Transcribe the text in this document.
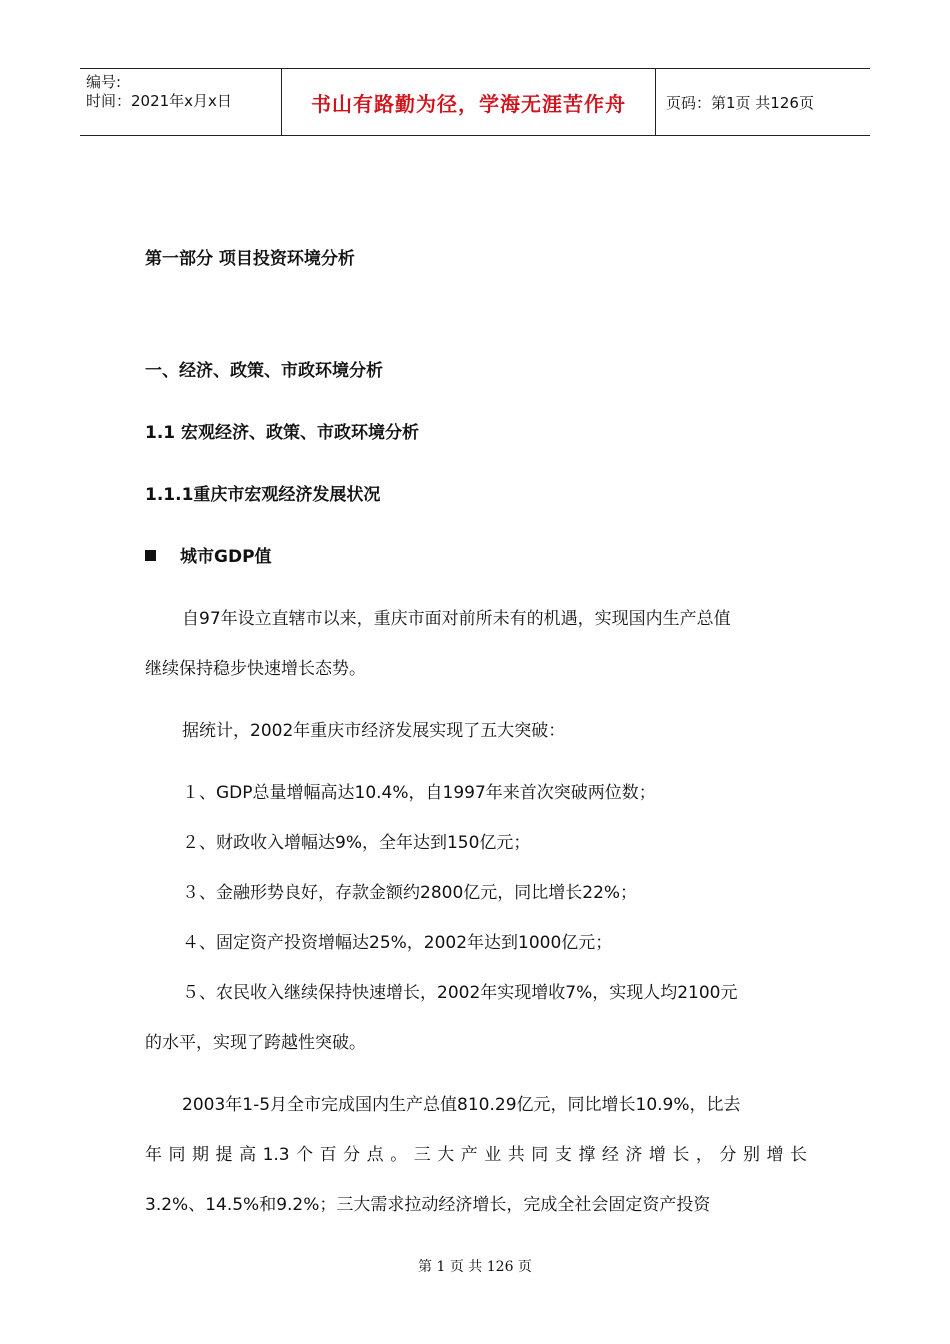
编号:
时间：2021年x月x日	书山有路勤为径，学海无涯苦作舟	页码：第1页 共126页
第一部分 项目投资环境分析
一、经济、政策、市政环境分析
1.1 宏观经济、政策、市政环境分析
1.1.1重庆市宏观经济发展状况
城市GDP值
自97年设立直辖市以来，重庆市面对前所未有的机遇，实现国内生产总值
继续保持稳步快速增长态势。
据统计，2002年重庆市经济发展实现了五大突破：
１、GDP总量增幅高达10.4%，自1997年来首次突破两位数；
２、财政收入增幅达9%，全年达到150亿元；
３、金融形势良好，存款金额约2800亿元，同比增长22%；
４、固定资产投资增幅达25%，2002年达到1000亿元；
５、农民收入继续保持快速增长，2002年实现增收7%，实现人均2100元
的水平，实现了跨越性突破。
2003年1-5月全市完成国内生产总值810.29亿元，同比增长10.9%，比去
年同期提高1.3个百分点。三大产业共同支撑经济增长，分别增长
3.2%、14.5%和9.2%；三大需求拉动经济增长，完成全社会固定资产投资
第 1 页 共 126 页
